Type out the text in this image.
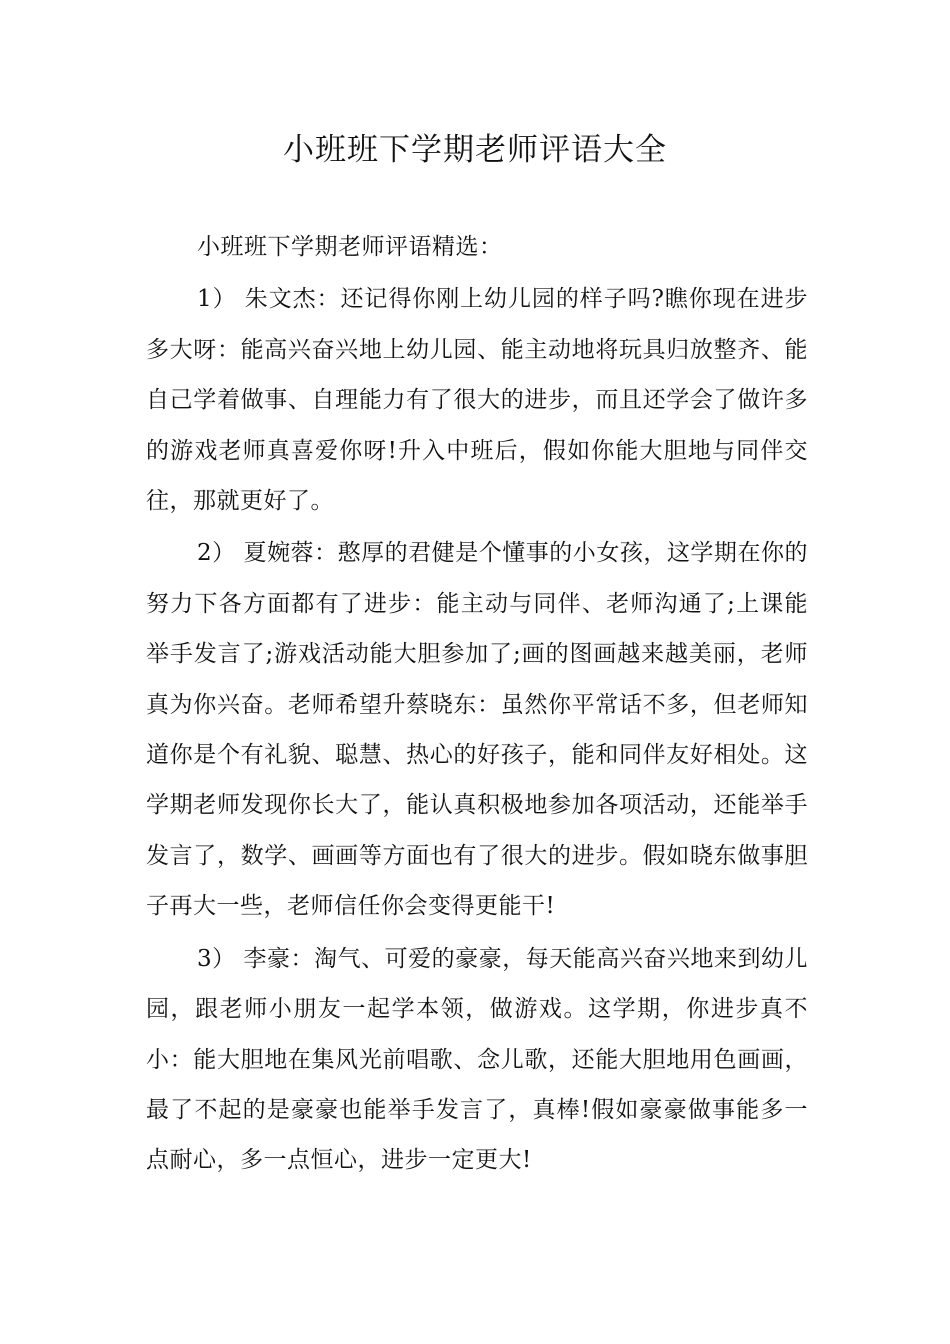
小班班下学期老师评语大全

小班班下学期老师评语精选：

1） 朱文杰：还记得你刚上幼儿园的样子吗?瞧你现在进步多大呀：能高兴奋兴地上幼儿园、能主动地将玩具归放整齐、能自己学着做事、自理能力有了很大的进步，而且还学会了做许多的游戏老师真喜爱你呀!升入中班后，假如你能大胆地与同伴交往，那就更好了。

2） 夏婉蓉：憨厚的君健是个懂事的小女孩，这学期在你的努力下各方面都有了进步：能主动与同伴、老师沟通了;上课能举手发言了;游戏活动能大胆参加了;画的图画越来越美丽，老师真为你兴奋。老师希望升蔡晓东：虽然你平常话不多，但老师知道你是个有礼貌、聪慧、热心的好孩子，能和同伴友好相处。这学期老师发现你长大了，能认真积极地参加各项活动，还能举手发言了，数学、画画等方面也有了很大的进步。假如晓东做事胆子再大一些，老师信任你会变得更能干!

3） 李豪：淘气、可爱的豪豪，每天能高兴奋兴地来到幼儿园，跟老师小朋友一起学本领，做游戏。这学期，你进步真不小：能大胆地在集风光前唱歌、念儿歌，还能大胆地用色画画，最了不起的是豪豪也能举手发言了，真棒!假如豪豪做事能多一点耐心，多一点恒心，进步一定更大!
